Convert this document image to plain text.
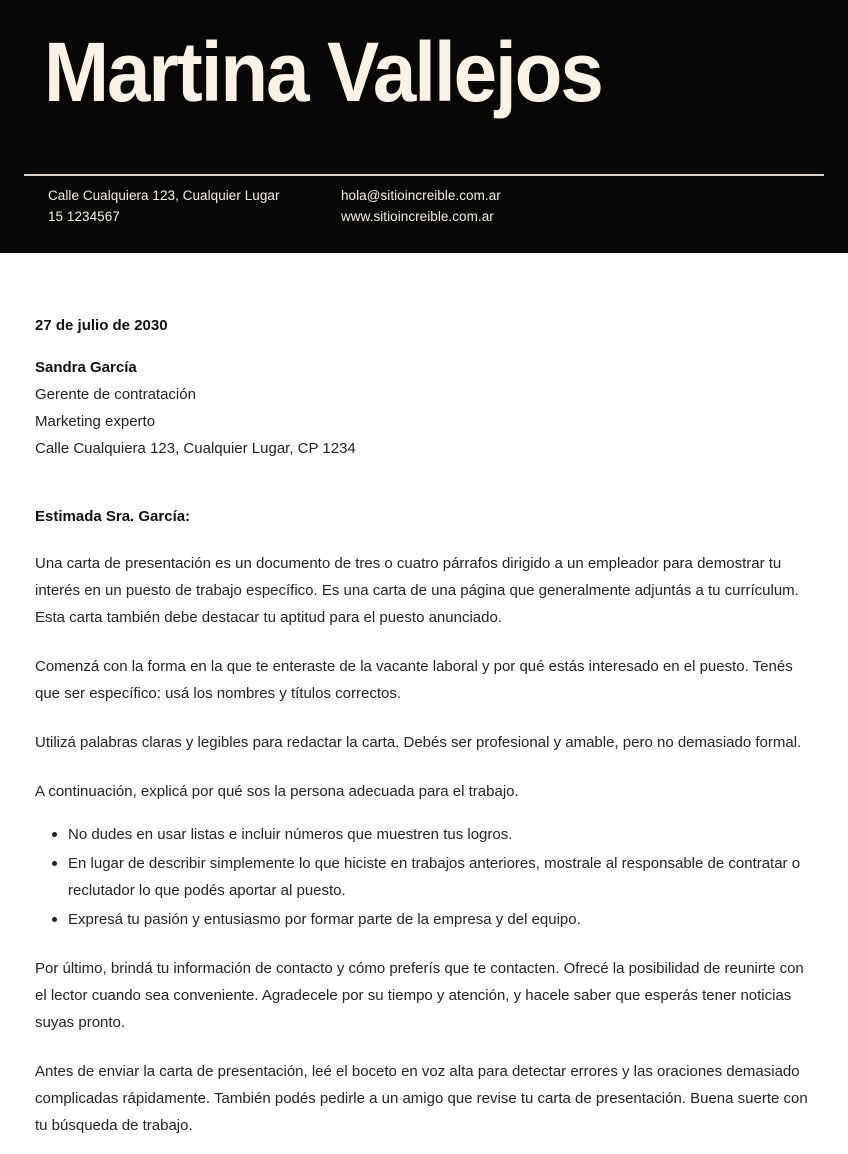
Martina Vallejos
Calle Cualquiera 123, Cualquier Lugar
15 1234567
hola@sitioincreible.com.ar
www.sitioincreible.com.ar
27 de julio de 2030
Sandra García
Gerente de contratación
Marketing experto
Calle Cualquiera 123, Cualquier Lugar, CP 1234
Estimada Sra. García:

Una carta de presentación es un documento de tres o cuatro párrafos dirigido a un empleador para demostrar tu interés en un puesto de trabajo específico. Es una carta de una página que generalmente adjuntás a tu currículum. Esta carta también debe destacar tu aptitud para el puesto anunciado.

Comenzá con la forma en la que te enteraste de la vacante laboral y por qué estás interesado en el puesto. Tenés que ser específico: usá los nombres y títulos correctos.

Utilizá palabras claras y legibles para redactar la carta. Debés ser profesional y amable, pero no demasiado formal.

A continuación, explicá por qué sos la persona adecuada para el trabajo.

No dudes en usar listas e incluir números que muestren tus logros.
En lugar de describir simplemente lo que hiciste en trabajos anteriores, mostrale al responsable de contratar o reclutador lo que podés aportar al puesto.
Expresá tu pasión y entusiasmo por formar parte de la empresa y del equipo.

Por último, brindá tu información de contacto y cómo preferís que te contacten. Ofrecé la posibilidad de reunirte con el lector cuando sea conveniente. Agradecele por su tiempo y atención, y hacele saber que esperás tener noticias suyas pronto.

Antes de enviar la carta de presentación, leé el boceto en voz alta para detectar errores y las oraciones demasiado complicadas rápidamente. También podés pedirle a un amigo que revise tu carta de presentación. Buena suerte con tu búsqueda de trabajo.
